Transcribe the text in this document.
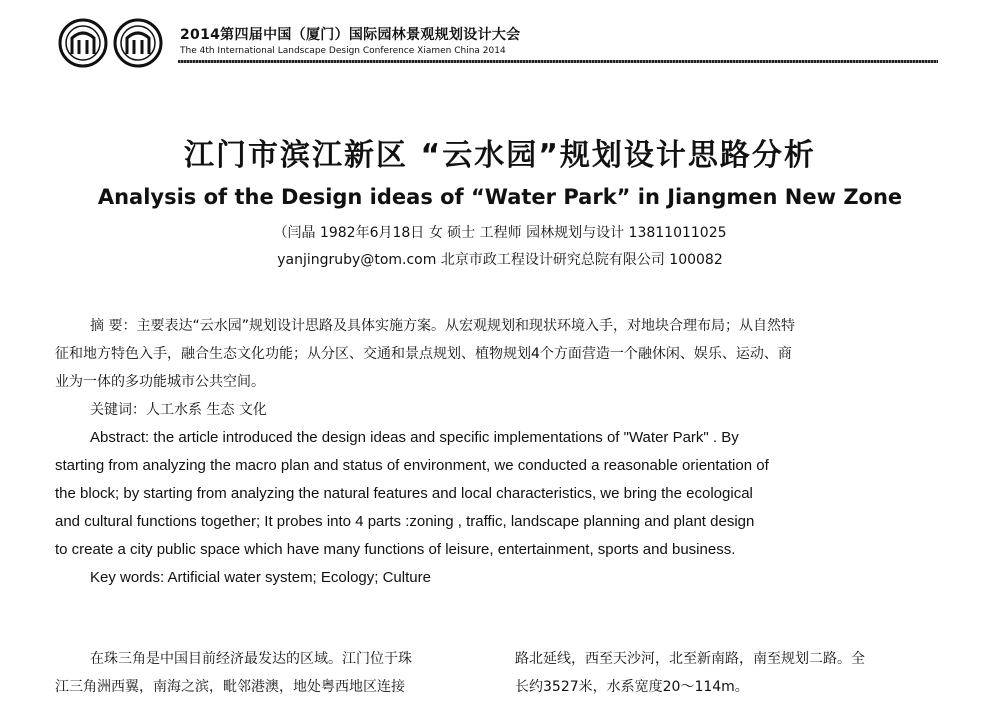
2014第四届中国（厦门）国际园林景观规划设计大会
The 4th International Landscape Design Conference Xiamen China 2014
江门市滨江新区 “云水园”规划设计思路分析
Analysis of the Design ideas of “Water Park” in Jiangmen New Zone
（闫晶 1982年6月18日 女 硕士 工程师 园林规划与设计 13811011025
yanjingruby@tom.com 北京市政工程设计研究总院有限公司 100082

摘 要：主要表达“云水园”规划设计思路及具体实施方案。从宏观规划和现状环境入手，对地块合理布局；从自然特

征和地方特色入手，融合生态文化功能；从分区、交通和景点规划、植物规划4个方面营造一个融休闲、娱乐、运动、商

业为一体的多功能城市公共空间。

关键词：人工水系 生态 文化

Abstract: the article introduced the design ideas and specific implementations of "Water Park" . By

starting from analyzing the macro plan and status of environment, we conducted a reasonable orientation of

the block; by starting from analyzing the natural features and local characteristics, we bring the ecological

and cultural functions together; It probes into 4 parts :zoning , traffic, landscape planning and plant design

to create a city public space which have many functions of leisure, entertainment, sports and business.

Key words: Artificial water system; Ecology; Culture
在珠三角是中国目前经济最发达的区域。江门位于珠
江三角洲西翼，南海之滨，毗邻港澳，地处粤西地区连接
路北延线，西至天沙河，北至新南路，南至规划二路。全
长约3527米，水系宽度20～114m。
